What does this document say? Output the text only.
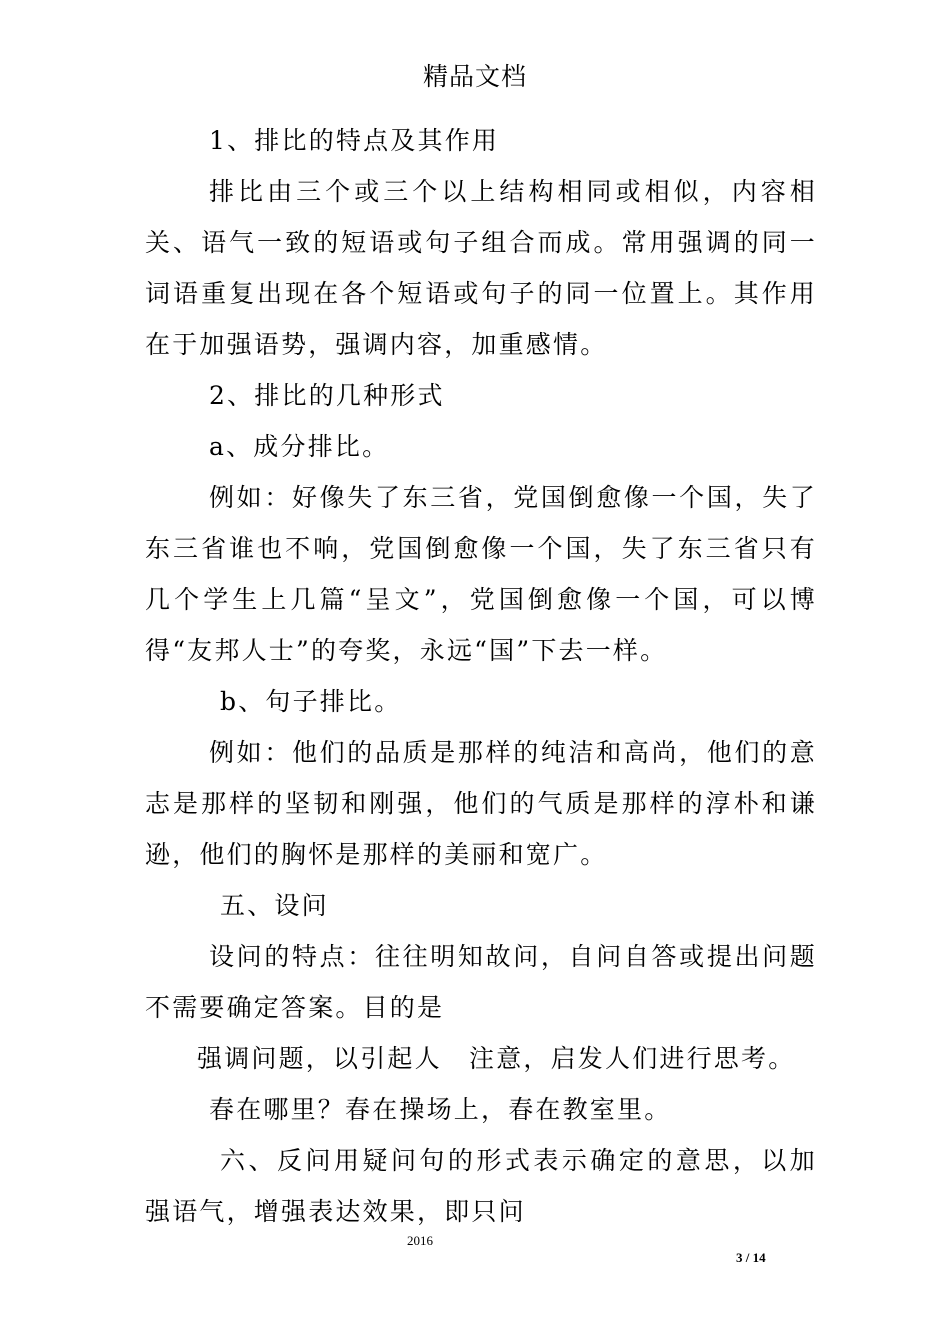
精品文档

1、排比的特点及其作用

排比由三个或三个以上结构相同或相似，内容相关、语气一致的短语或句子组合而成。常用强调的同一词语重复出现在各个短语或句子的同一位置上。其作用在于加强语势，强调内容，加重感情。

2、排比的几种形式

a、成分排比。

例如：好像失了东三省，党国倒愈像一个国，失了东三省谁也不响，党国倒愈像一个国，失了东三省只有几个学生上几篇“呈文”，党国倒愈像一个国，可以博得“友邦人士”的夸奖，永远“国”下去一样。

b、句子排比。

例如：他们的品质是那样的纯洁和高尚，他们的意志是那样的坚韧和刚强，他们的气质是那样的淳朴和谦逊，他们的胸怀是那样的美丽和宽广。

五、设问

设问的特点：往往明知故问，自问自答或提出问题不需要确定答案。目的是

强调问题，以引起人　注意，启发人们进行思考。

春在哪里？春在操场上，春在教室里。

六、反问用疑问句的形式表示确定的意思，以加强语气，增强表达效果，即只问

2016
3 / 14
